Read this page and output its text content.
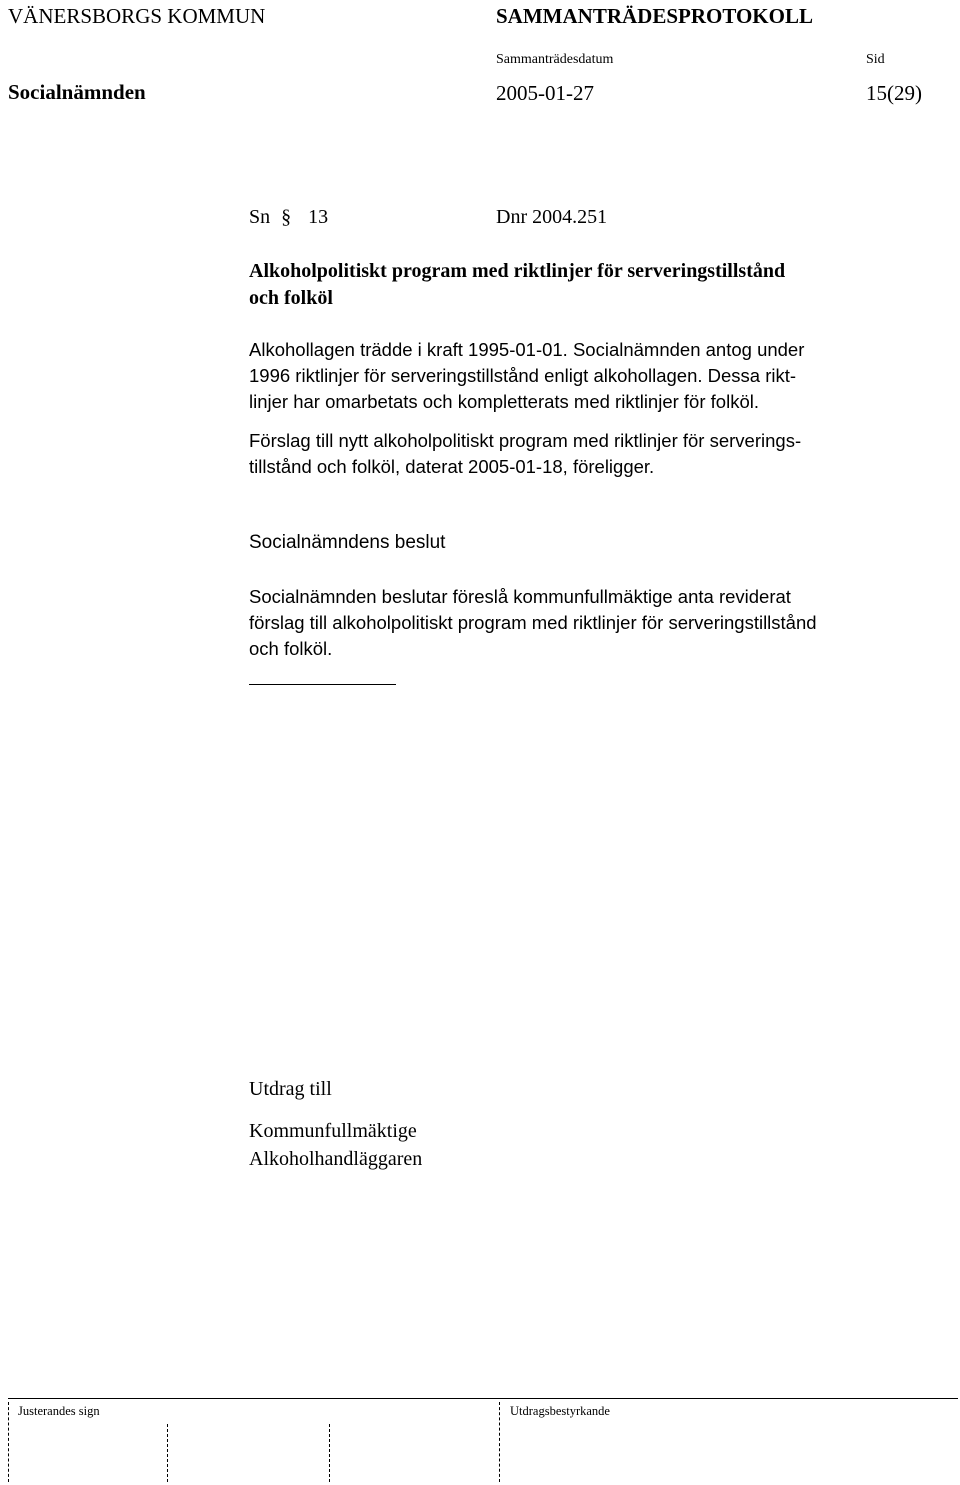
VÄNERSBORGS KOMMUN	SAMMANTRÄDESPROTOKOLL
Sammanträdesdatum	Sid
Socialnämnden	2005-01-27	15(29)
Sn § 13	Dnr 2004.251
Alkoholpolitiskt program med riktlinjer för serveringstillstånd
och folköl
Alkohollagen trädde i kraft 1995-01-01. Socialnämnden antog under
1996 riktlinjer för serveringstillstånd enligt alkohollagen. Dessa rikt-
linjer har omarbetats och kompletterats med riktlinjer för folköl.
Förslag till nytt alkoholpolitiskt program med riktlinjer för serverings-
tillstånd och folköl, daterat 2005-01-18, föreligger.
Socialnämndens beslut
Socialnämnden beslutar föreslå kommunfullmäktige anta reviderat
förslag till alkoholpolitiskt program med riktlinjer för serveringstillstånd
och folköl.
Utdrag till
Kommunfullmäktige
Alkoholhandläggaren
Justerandes sign	Utdragsbestyrkande
